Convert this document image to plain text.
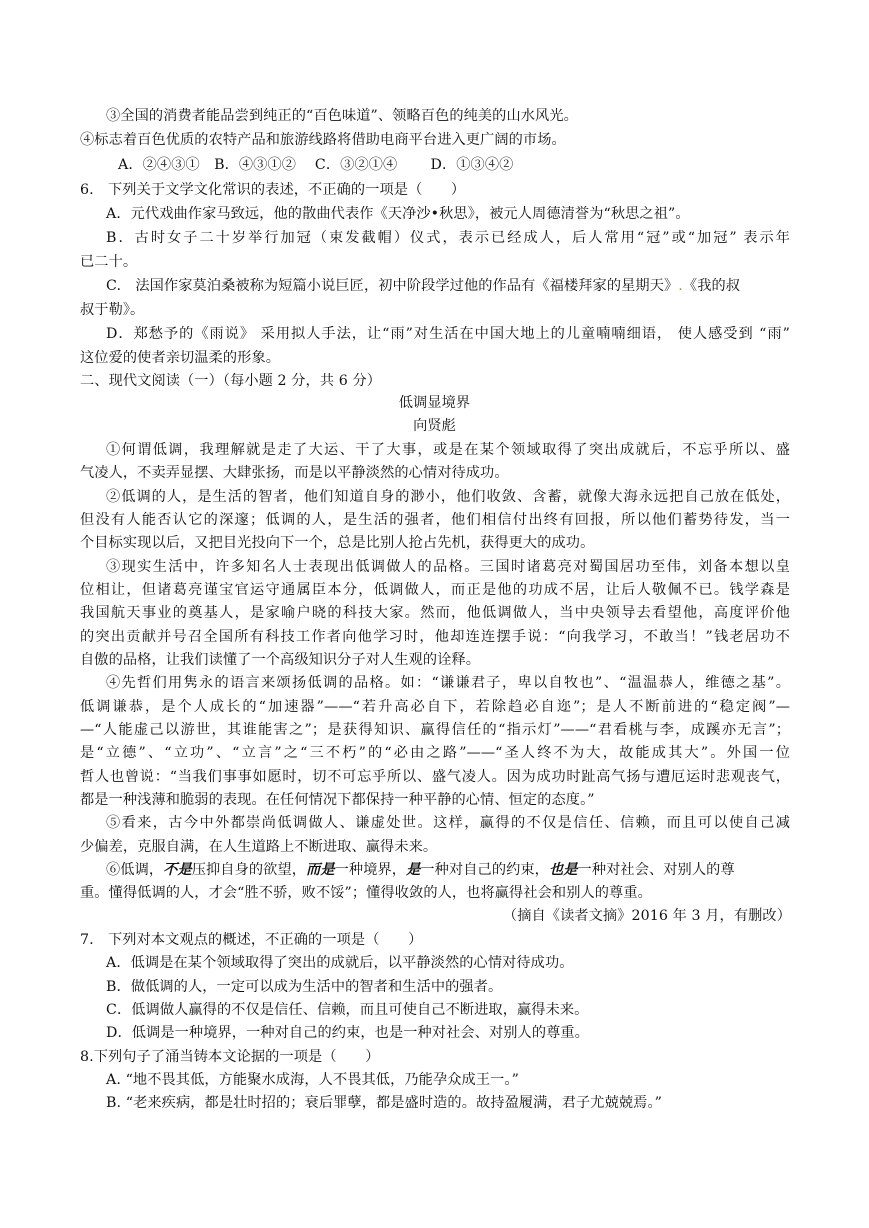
③全国的消费者能品尝到纯正的“百色味道”、领略百色的纯美的山水风光。
④标志着百色优质的农特产品和旅游线路将借助电商平台进入更广阔的市场。
A．②④③①　B．④③①②　 C．③②①④　　 D．①③④②
6.　下列关于文学文化常识的表述，不正确的一项是（　　）
A．元代戏曲作家马致远，他的散曲代表作《天净沙•秋思》，被元人周德清誉为“秋思之祖”。
B．古时女子二十岁举行加冠（束发截帽）仪式，表示已经成人，后人常用“冠”或“加冠” 表示年
已二十。
C.　法国作家莫泊桑被称为短篇小说巨匠，初中阶段学过他的作品有《福楼拜家的星期天》.《我的叔
叔于勒》。
D．郑愁予的《雨说》 采用拟人手法，让“雨”对生活在中国大地上的儿童喃喃细语， 使人感受到 “雨”
这位爱的使者亲切温柔的形象。
二、现代文阅读（一）（每小题 2 分，共 6 分）
低调显境界
向贤彪
①何谓低调，我理解就是走了大运、干了大事，或是在某个领域取得了突出成就后，不忘乎所以、盛
气凌人，不卖弄显摆、大肆张扬，而是以平静淡然的心情对待成功。
②低调的人，是生活的智者，他们知道自身的渺小，他们收敛、含蓄，就像大海永远把自己放在低处，
但没有人能否认它的深邃；低调的人，是生活的强者，他们相信付出终有回报，所以他们蓄势待发，当一
个目标实现以后，又把目光投向下一个，总是比别人抢占先机，获得更大的成功。
③现实生活中，许多知名人士表现出低调做人的品格。三国时诸葛亮对蜀国居功至伟，刘备本想以皇
位相让，但诸葛亮谨宝官运守通属臣本分，低调做人，而正是他的功成不居，让后人敬佩不已。钱学森是
我国航天事业的奠基人，是家喻户晓的科技大家。然而，他低调做人，当中央领导去看望他，高度评价他
的突出贡献并号召全国所有科技工作者向他学习时，他却连连摆手说：“向我学习，不敢当！”钱老居功不
自傲的品格，让我们读懂了一个高级知识分子对人生观的诠释。
④先哲们用隽永的语言来颂扬低调的品格。如：“谦谦君子，卑以自牧也”、“温温恭人，维德之基”。
低调谦恭，是个人成长的“加速器”——“若升高必自下，若除趋必自迩”；是人不断前进的“稳定阀”—
—“人能虚己以游世，其谁能害之”；是获得知识、赢得信任的“指示灯”——“君看桃与李，成蹊亦无言”；
是“立德”、“立功”、“立言”之“三不朽”的“必由之路”——“圣人终不为大，故能成其大”。外国一位
哲人也曾说：“当我们事事如愿时，切不可忘乎所以、盛气凌人。因为成功时趾高气扬与遭厄运时悲观丧气，
都是一种浅薄和脆弱的表现。在任何情况下都保持一种平静的心情、恒定的态度。”
⑤看来，古今中外都崇尚低调做人、谦虚处世。这样，赢得的不仅是信任、信赖，而且可以使自己减
少偏差，克服自满，在人生道路上不断进取、赢得未来。
⑥低调，不是压抑自身的欲望，而是一种境界，是一种对自己的约束，也是一种对社会、对别人的尊
重。懂得低调的人，才会“胜不骄，败不馁”；懂得收敛的人，也将赢得社会和别人的尊重。
（摘自《读者文摘》2016 年 3 月，有删改）
7.　下列对本文观点的概述，不正确的一项是（　　）
A．低调是在某个领域取得了突出的成就后，以平静淡然的心情对待成功。
B．做低调的人，一定可以成为生活中的智者和生活中的强者。
C．低调做人赢得的不仅是信任、信赖，而且可使自己不断进取，赢得未来。
D．低调是一种境界，一种对自己的约束，也是一种对社会、对别人的尊重。
8.下列句子了涌当铸本文论据的一项是（　　）
A. “地不畏其低，方能聚水成海，人不畏其低，乃能孕众成王一。”
B. “老来疾病，都是壮时招的；衰后罪孽，都是盛时造的。故持盈履满，君子尤兢兢焉。”
